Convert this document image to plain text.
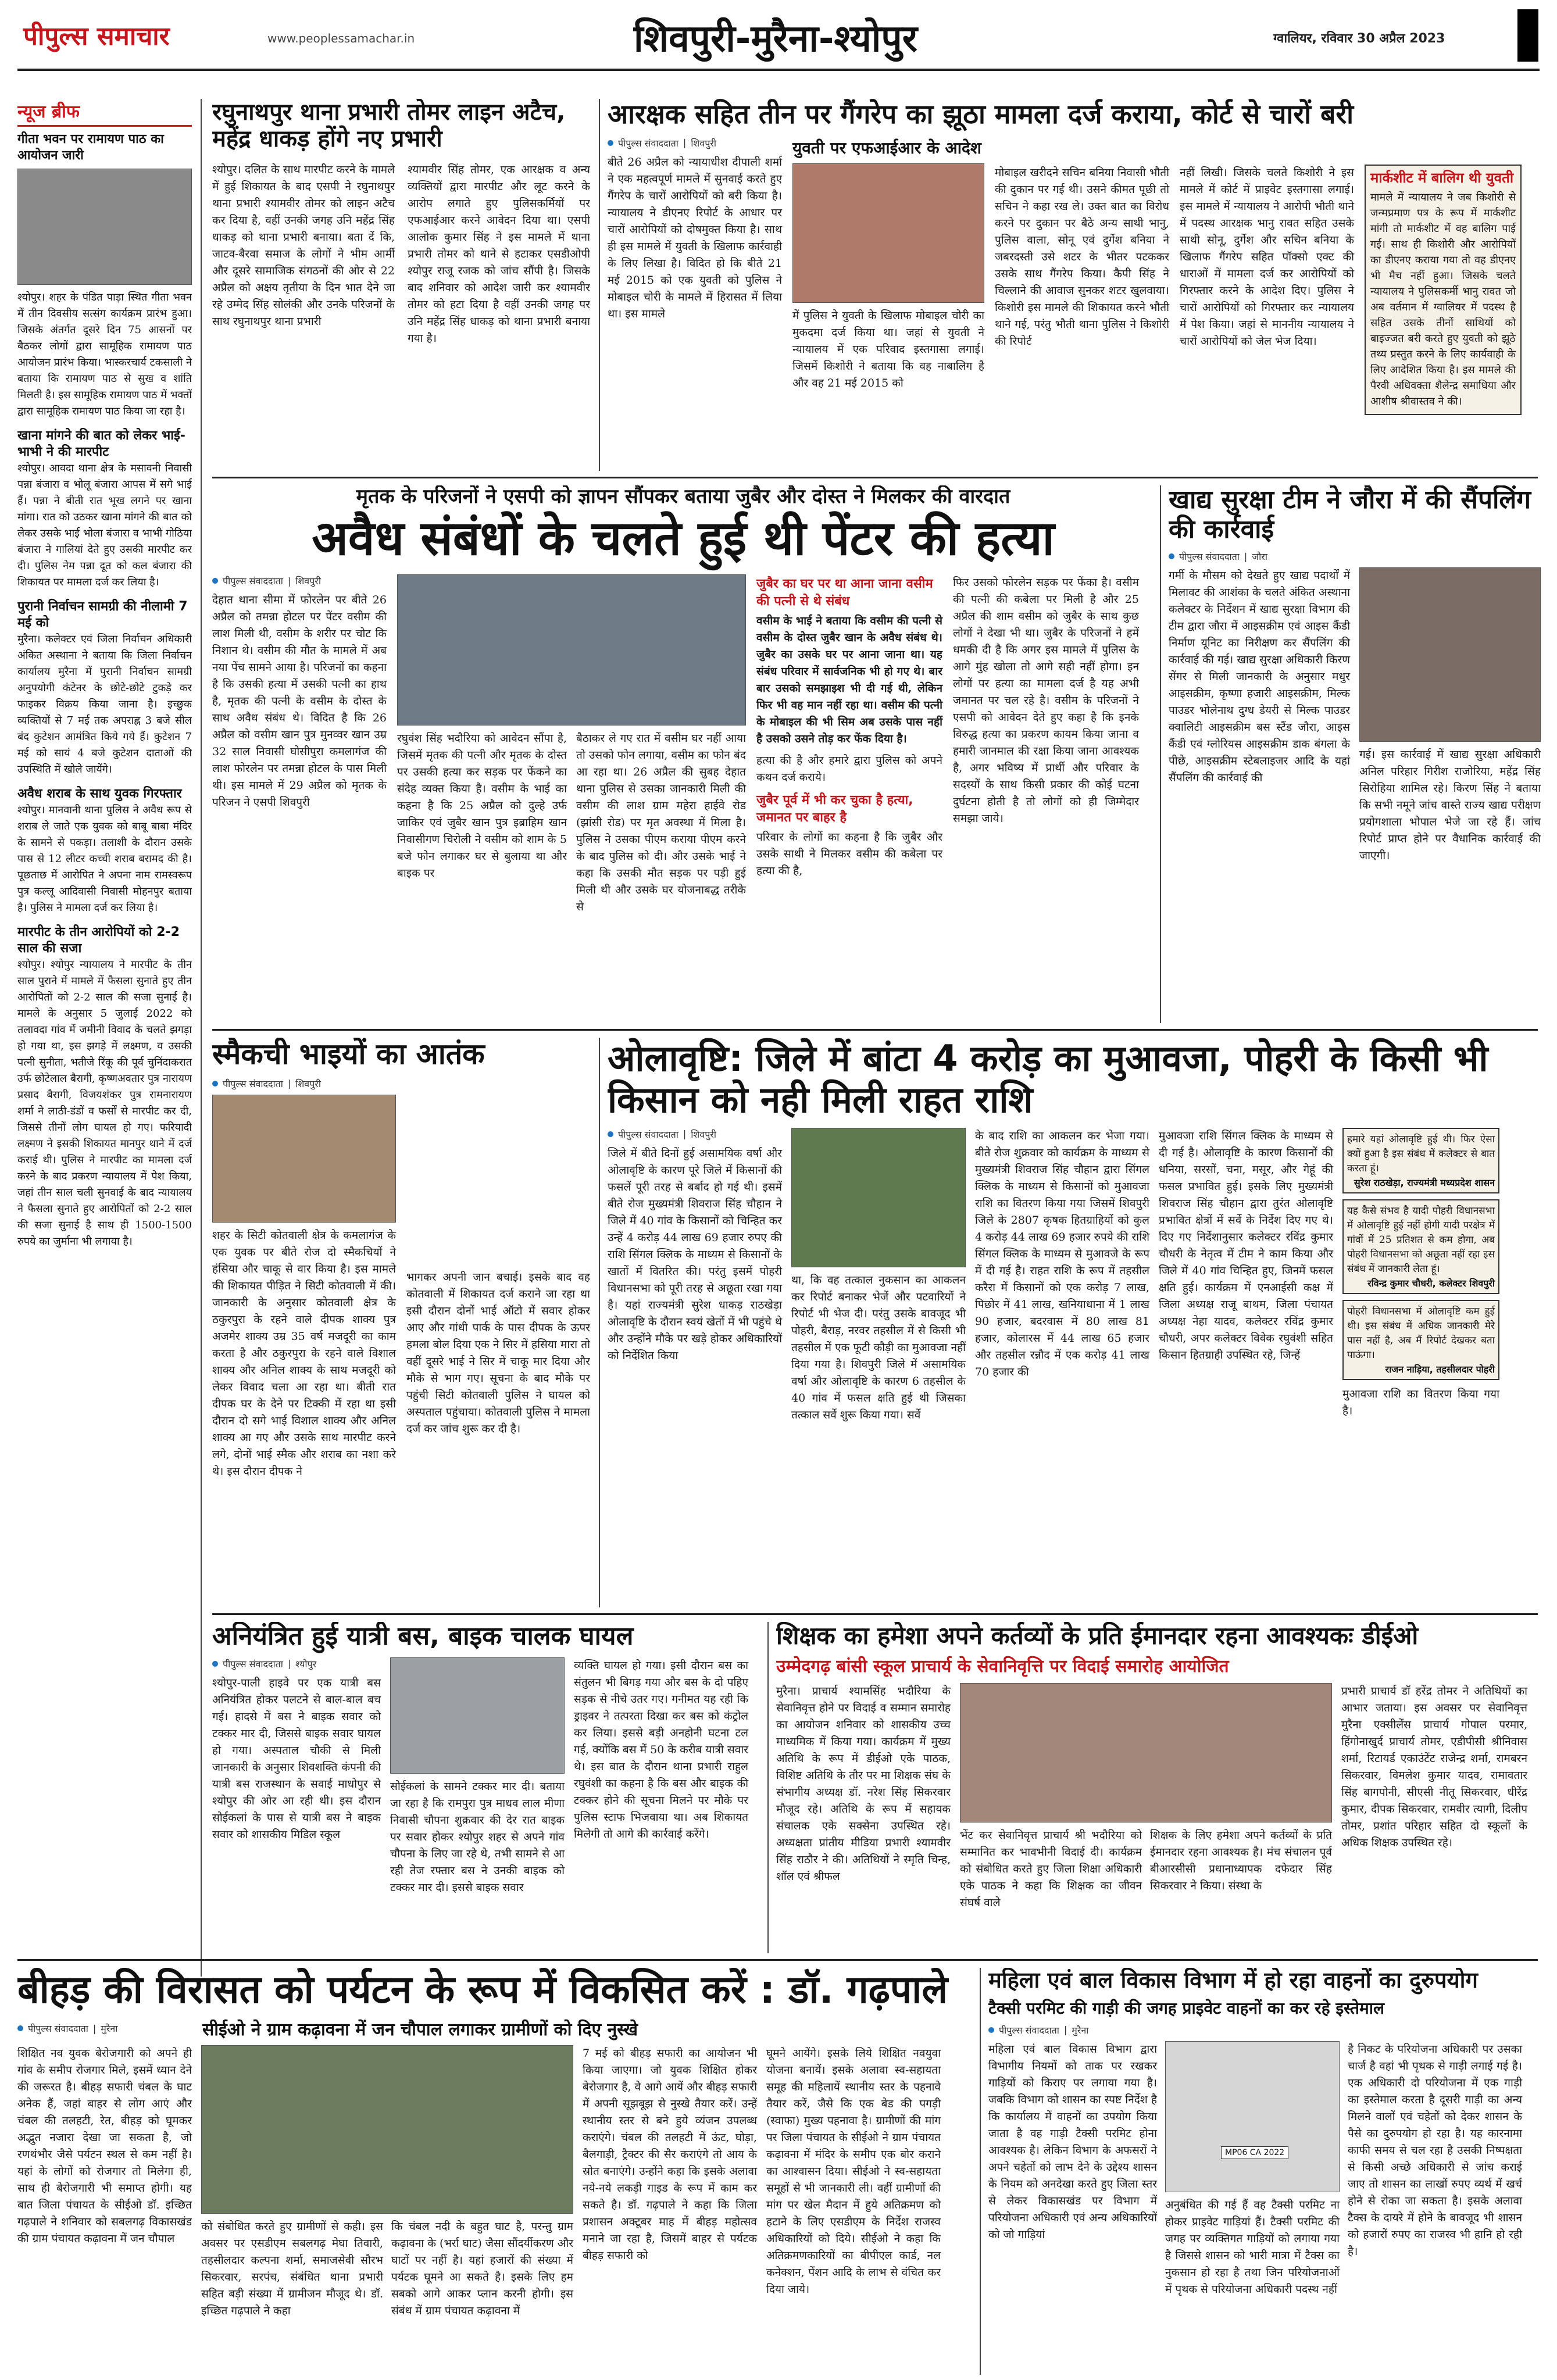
पीपुल्स समाचार	www.peoplessamachar.in	शिवपुरी-मुरैना-श्योपुर	ग्वालियर, रविवार 30 अप्रैल 2023
न्यूज ब्रीफ
गीता भवन पर रामायण पाठ का आयोजन जारी
श्योपुर। शहर के पंडित पाड़ा स्थित गीता भवन में तीन दिवसीय सत्संग कार्यक्रम प्रारंभ हुआ। जिसके अंतर्गत दूसरे दिन 75 आसनों पर बैठकर लोगों द्वारा सामूहिक रामायण पाठ आयोजन प्रारंभ किया। भास्करचार्य टकसाली ने बताया कि रामायण पाठ से सुख व शांति मिलती है। इस सामूहिक रामायण पाठ में भक्तों द्वारा सामूहिक रामायण पाठ किया जा रहा है।
खाना मांगने की बात को लेकर भाई-भाभी ने की मारपीट
श्योपुर। आवदा थाना क्षेत्र के मसावनी निवासी पन्ना बंजारा व भोलू बंजारा आपस में सगे भाई हैं। पन्ना ने बीती रात भूख लगने पर खाना मांगा। रात को उठकर खाना मांगने की बात को लेकर उसके भाई भोला बंजारा व भाभी गोठिया बंजारा ने गालियां देते हुए उसकी मारपीट कर दी। पुलिस नेम पन्ना दूत को कल बंजारा की शिकायत पर मामला दर्ज कर लिया है।
पुरानी निर्वाचन सामग्री की नीलामी 7 मई को
मुरैना। कलेक्टर एवं जिला निर्वाचन अधिकारी अंकित अस्थाना ने बताया कि जिला निर्वाचन कार्यालय मुरैना में पुरानी निर्वाचन सामग्री अनुपयोगी कंटेनर के छोटे-छोटे टुकड़े कर फाइकर विक्रय किया जाना है। इच्छुक व्यक्तियों से 7 मई तक अपराह्न 3 बजे सील बंद कुटेशन आमंत्रित किये गये हैं। कुटेशन 7 मई को सायं 4 बजे कुटेशन दाताओं की उपस्थिति में खोले जायेंगे।
अवैध शराब के साथ युवक गिरफ्तार
श्योपुर। मानवानी थाना पुलिस ने अवैध रूप से शराब ले जाते एक युवक को बाबू बाबा मंदिर के सामने से पकड़ा। तलाशी के दौरान उसके पास से 12 लीटर कच्ची शराब बरामद की है। पूछताछ में आरोपित ने अपना नाम रामस्वरूप पुत्र कल्लू आदिवासी निवासी मोहनपुर बताया है। पुलिस ने मामला दर्ज कर लिया है।
मारपीट के तीन आरोपियों को 2-2 साल की सजा
श्योपुर। श्योपुर न्यायालय ने मारपीट के तीन साल पुराने में मामले में फैसला सुनाते हुए तीन आरोपितों को 2-2 साल की सजा सुनाई है। मामले के अनुसार 5 जुलाई 2022 को तलावदा गांव में जमीनी विवाद के चलते झगड़ा हो गया था, इस झगड़े में लक्ष्मण, व उसकी पत्नी सुनीता, भतीजे रिंकू की पूर्व चुनिंदाकरात उर्फ छोटेलाल बैरागी, कृष्णअवतार पुत्र नारायण प्रसाद बैरागी, विजयशंकर पुत्र रामनारायण शर्मा ने लाठी-डंडों व फर्सों से मारपीट कर दी, जिससे तीनों लोग घायल हो गए। फरियादी लक्ष्मण ने इसकी शिकायत मानपुर थाने में दर्ज कराई थी। पुलिस ने मारपीट का मामला दर्ज करने के बाद प्रकरण न्यायालय में पेश किया, जहां तीन साल चली सुनवाई के बाद न्यायालय ने फैसला सुनाते हुए आरोपितों को 2-2 साल की सजा सुनाई है साथ ही 1500-1500 रुपये का जुर्माना भी लगाया है।
रघुनाथपुर थाना प्रभारी तोमर लाइन अटैच, महेंद्र धाकड़ होंगे नए प्रभारी
श्योपुर। दलित के साथ मारपीट करने के मामले में हुई शिकायत के बाद एसपी ने रघुनाथपुर थाना प्रभारी श्यामवीर तोमर को लाइन अटैच कर दिया है, वहीं उनकी जगह उनि महेंद्र सिंह धाकड़ को थाना प्रभारी बनाया। बता दें कि, जाटव-बैरवा समाज के लोगों ने भीम आर्मी और दूसरे सामाजिक संगठनों की ओर से 22 अप्रैल को अक्षय तृतीया के दिन भात देने जा रहे उम्मेद सिंह सोलंकी और उनके परिजनों के साथ रघुनाथपुर थाना प्रभारी
श्यामवीर सिंह तोमर, एक आरक्षक व अन्य व्यक्तियों द्वारा मारपीट और लूट करने के आरोप लगाते हुए पुलिसकर्मियों पर एफआईआर करने आवेदन दिया था। एसपी आलोक कुमार सिंह ने इस मामले में थाना प्रभारी तोमर को थाने से हटाकर एसडीओपी श्योपुर राजू रजक को जांच सौंपी है। जिसके बाद शनिवार को आदेश जारी कर श्यामवीर तोमर को हटा दिया है वहीं उनकी जगह पर उनि महेंद्र सिंह धाकड़ को थाना प्रभारी बनाया गया है।
आरक्षक सहित तीन पर गैंगरेप का झूठा मामला दर्ज कराया, कोर्ट से चारों बरी
पीपुल्स संवाददाता | शिवपुरी
बीते 26 अप्रैल को न्यायाधीश दीपाली शर्मा ने एक महत्वपूर्ण मामले में सुनवाई करते हुए गैंगरेप के चारों आरोपियों को बरी किया है। न्यायालय ने डीएनए रिपोर्ट के आधार पर चारों आरोपियों को दोषमुक्त किया है। साथ ही इस मामले में युवती के खिलाफ कार्रवाही के लिए लिखा है। विदित हो कि बीते 21 मई 2015 को एक युवती को पुलिस ने मोबाइल चोरी के मामले में हिरासत में लिया था। इस मामले
युवती पर एफआईआर के आदेश
में पुलिस ने युवती के खिलाफ मोबाइल चोरी का मुकदमा दर्ज किया था। जहां से युवती ने न्यायालय में एक परिवाद इस्तगासा लगाई। जिसमें किशोरी ने बताया कि वह नाबालिग है और वह 21 मई 2015 को
मोबाइल खरीदने सचिन बनिया निवासी भौती की दुकान पर गई थी। उसने कीमत पूछी तो सचिन ने कहा रख ले। उक्त बात का विरोध करने पर दुकान पर बैठे अन्य साथी भानु, पुलिस वाला, सोनू एवं दुर्गेश बनिया ने जबरदस्ती उसे शटर के भीतर पटककर उसके साथ गैंगरेप किया। कैपी सिंह ने चिल्लाने की आवाज सुनकर शटर खुलवाया। किशोरी इस मामले की शिकायत करने भौती थाने गई, परंतु भौती थाना पुलिस ने किशोरी की रिपोर्ट
नहीं लिखी। जिसके चलते किशोरी ने इस मामले में कोर्ट में प्राइवेट इस्तगासा लगाई। इस मामले में न्यायालय ने आरोपी भौती थाने में पदस्थ आरक्षक भानु रावत सहित उसके साथी सोनू, दुर्गेश और सचिन बनिया के खिलाफ गैंगरेप सहित पॉक्सो एक्ट की धाराओं में मामला दर्ज कर आरोपियों को गिरफ्तार करने के आदेश दिए। पुलिस ने चारों आरोपियों को गिरफ्तार कर न्यायालय में पेश किया। जहां से माननीय न्यायालय ने चारों आरोपियों को जेल भेज दिया।
मार्कशीट में बालिग थी युवती
मामले में न्यायालय ने जब किशोरी से जन्मप्रमाण पत्र के रूप में मार्कशीट मांगी तो मार्कशीट में वह बालिग पाई गई। साथ ही किशोरी और आरोपियों का डीएनए कराया गया तो वह डीएनए भी मैच नहीं हुआ। जिसके चलते न्यायालय ने पुलिसकर्मी भानु रावत जो अब वर्तमान में ग्वालियर में पदस्थ है सहित उसके तीनों साथियों को बाइज्जत बरी करते हुए युवती को झूठे तथ्य प्रस्तुत करने के लिए कार्यवाही के लिए आदेशित किया है। इस मामले की पैरवी अधिवक्ता शैलेन्द्र समाधिया और आशीष श्रीवास्तव ने की।
मृतक के परिजनों ने एसपी को ज्ञापन सौंपकर बताया जुबैर और दोस्त ने मिलकर की वारदात
अवैध संबंधों के चलते हुई थी पेंटर की हत्या
पीपुल्स संवाददाता | शिवपुरी
देहात थाना सीमा में फोरलेन पर बीते 26 अप्रैल को तमन्ना होटल पर पेंटर वसीम की लाश मिली थी, वसीम के शरीर पर चोट कि निशान थे। वसीम की मौत के मामले में अब नया पेंच सामने आया है। परिजनों का कहना है कि उसकी हत्या में उसकी पत्नी का हाथ है, मृतक की पत्नी के वसीम के दोस्त के साथ अवैध संबंध थे। विदित है कि 26 अप्रैल को वसीम खान पुत्र मुनव्वर खान उम्र 32 साल निवासी घोसीपुरा कमलागंज की लाश फोरलेन पर तमन्ना होटल के पास मिली थी। इस मामले में 29 अप्रैल को मृतक के परिजन ने एसपी शिवपुरी
रघुवंश सिंह भदौरिया को आवेदन सौंपा है, जिसमें मृतक की पत्नी और मृतक के दोस्त पर उसकी हत्या कर सड़क पर फेंकने का संदेह व्यक्त किया है। वसीम के भाई का कहना है कि 25 अप्रैल को दुल्हे उर्फ जाकिर एवं जुबैर खान पुत्र इब्राहिम खान निवासीगण चिरोली ने वसीम को शाम के 5 बजे फोन लगाकर घर से बुलाया था और बाइक पर
बैठाकर ले गए रात में वसीम घर नहीं आया तो उसको फोन लगाया, वसीम का फोन बंद आ रहा था। 26 अप्रैल की सुबह देहात थाना पुलिस से उसका जानकारी मिली की वसीम की लाश ग्राम महेरा हाईवे रोड (झांसी रोड) पर मृत अवस्था में मिला है। पुलिस ने उसका पीएम कराया पीएम करने के बाद पुलिस को दी। और उसके भाई ने कहा कि उसकी मौत सड़क पर पड़ी हुई मिली थी और उसके घर योजनाबद्ध तरीके से
जुबैर का घर पर था आना जाना वसीम की पत्नी से थे संबंध
वसीम के भाई ने बताया कि वसीम की पत्नी से वसीम के दोस्त जुबैर खान के अवैध संबंध थे। जुबैर का उसके घर पर आना जाना था। यह संबंध परिवार में सार्वजनिक भी हो गए थे। बार बार उसको समझाइश भी दी गई थी, लेकिन फिर भी वह मान नहीं रहा था। वसीम की पत्नी के मोबाइल की भी सिम अब उसके पास नहीं है उसको उसने तोड़ कर फेंक दिया है।
हत्या की है और हमारे द्वारा पुलिस को अपने कथन दर्ज कराये।
जुबैर पूर्व में भी कर चुका है हत्या, जमानत पर बाहर है
परिवार के लोगों का कहना है कि जुबैर और उसके साथी ने मिलकर वसीम की कबेला पर हत्या की है,
फिर उसको फोरलेन सड़क पर फेंका है। वसीम की पत्नी की कबेला पर मिली है और 25 अप्रैल की शाम वसीम को जुबैर के साथ कुछ लोगों ने देखा भी था। जुबैर के परिजनों ने हमें धमकी दी है कि अगर इस मामले में पुलिस के आगे मुंह खोला तो आगे सही नहीं होगा। इन लोगों पर हत्या का मामला दर्ज है यह अभी जमानत पर चल रहे है। वसीम के परिजनों ने एसपी को आवेदन देते हुए कहा है कि इनके विरुद्ध हत्या का प्रकरण कायम किया जाना व हमारी जानमाल की रक्षा किया जाना आवश्यक है, अगर भविष्य में प्रार्थी और परिवार के सदस्यों के साथ किसी प्रकार की कोई घटना दुर्घटना होती है तो लोगों को ही जिम्मेदार समझा जाये।
खाद्य सुरक्षा टीम ने जौरा में की सैंपलिंग की कार्रवाई
पीपुल्स संवाददाता | जौरा
गर्मी के मौसम को देखते हुए खाद्य पदार्थों में मिलावट की आशंका के चलते अंकित अस्थाना कलेक्टर के निर्देशन में खाद्य सुरक्षा विभाग की टीम द्वारा जौरा में आइसक्रीम एवं आइस कैंडी निर्माण यूनिट का निरीक्षण कर सैंपलिंग की कार्रवाई की गई। खाद्य सुरक्षा अधिकारी किरण सेंगर से मिली जानकारी के अनुसार मधुर आइसक्रीम, कृष्णा हजारी आइसक्रीम, मिल्क पाउडर भोलेनाथ दुग्ध डेयरी से मिल्क पाउडर क्वालिटी आइसक्रीम बस स्टैंड जौरा, आइस कैंडी एवं ग्लोरियस आइसक्रीम डाक बंगला के पीछे, आइसक्रीम स्टेबलाइजर आदि के यहां सैंपलिंग की कार्रवाई की
गई। इस कार्रवाई में खाद्य सुरक्षा अधिकारी अनिल परिहार गिरीश राजोरिया, महेंद्र सिंह सिरोहिया शामिल रहे। किरण सिंह ने बताया कि सभी नमूने जांच वास्ते राज्य खाद्य परीक्षण प्रयोगशाला भोपाल भेजे जा रहे हैं। जांच रिपोर्ट प्राप्त होने पर वैधानिक कार्रवाई की जाएगी।
स्मैकची भाइयों का आतंक
पीपुल्स संवाददाता | शिवपुरी
शहर के सिटी कोतवाली क्षेत्र के कमलागंज के एक युवक पर बीते रोज दो स्मैकचियों ने हंसिया और चाकू से वार किया है। इस मामले की शिकायत पीड़ित ने सिटी कोतवाली में की। जानकारी के अनुसार कोतवाली क्षेत्र के ठकुरपुरा के रहने वाले दीपक शाक्य पुत्र अजमेर शाक्य उम्र 35 वर्ष मजदूरी का काम करता है और ठकुरपुरा के रहने वाले विशाल शाक्य और अनिल शाक्य के साथ मजदूरी को लेकर विवाद चला आ रहा था। बीती रात दीपक घर के देने पर टिक्की में रहा था इसी दौरान दो सगे भाई विशाल शाक्य और अनिल शाक्य आ गए और उसके साथ मारपीट करने लगे, दोनों भाई स्मैक और शराब का नशा करे थे। इस दौरान दीपक ने
भागकर अपनी जान बचाई। इसके बाद वह कोतवाली में शिकायत दर्ज कराने जा रहा था इसी दौरान दोनों भाई ऑटो में सवार होकर आए और गांधी पार्क के पास दीपक के ऊपर हमला बोल दिया एक ने सिर में हसिया मारा तो वहीं दूसरे भाई ने सिर में चाकू मार दिया और मौके से भाग गए। सूचना के बाद मौके पर पहुंची सिटी कोतवाली पुलिस ने घायल को अस्पताल पहुंचाया। कोतवाली पुलिस ने मामला दर्ज कर जांच शुरू कर दी है।
ओलावृष्टि: जिले में बांटा 4 करोड़ का मुआवजा, पोहरी के किसी भी किसान को नही मिली राहत राशि
पीपुल्स संवाददाता | शिवपुरी
जिले में बीते दिनों हुई असामयिक वर्षा और ओलावृष्टि के कारण पूरे जिले में किसानों की फसलें पूरी तरह से बर्बाद हो गई थी। इसमें बीते रोज मुख्यमंत्री शिवराज सिंह चौहान ने जिले में 40 गांव के किसानों को चिन्हित कर उन्हें 4 करोड़ 44 लाख 69 हजार रुपए की राशि सिंगल क्लिक के माध्यम से किसानों के खातों में वितरित की। परंतु इसमें पोहरी विधानसभा को पूरी तरह से अछूता रखा गया है। यहां राज्यमंत्री सुरेश धाकड़ राठखेड़ा ओलावृष्टि के दौरान स्वयं खेतों में भी पहुंचे थे और उन्होंने मौके पर खड़े होकर अधिकारियों को निर्देशित किया
था, कि वह तत्काल नुकसान का आकलन कर रिपोर्ट बनाकर भेजें और पटवारियों ने रिपोर्ट भी भेज दी। परंतु उसके बावजूद भी पोहरी, बैराड़, नरवर तहसील में से किसी भी तहसील में एक फूटी कौड़ी का मुआवजा नहीं दिया गया है। शिवपुरी जिले में असामयिक वर्षा और ओलावृष्टि के कारण 6 तहसील के 40 गांव में फसल क्षति हुई थी जिसका तत्काल सर्वे शुरू किया गया। सर्वे
के बाद राशि का आकलन कर भेजा गया। बीते रोज शुक्रवार को कार्यक्रम के माध्यम से मुख्यमंत्री शिवराज सिंह चौहान द्वारा सिंगल क्लिक के माध्यम से किसानों को मुआवजा राशि का वितरण किया गया जिसमें शिवपुरी जिले के 2807 कृषक हितग्राहियों को कुल 4 करोड़ 44 लाख 69 हजार रुपये की राशि सिंगल क्लिक के माध्यम से मुआवजे के रूप में दी गई है। राहत राशि के रूप में तहसील करैरा में किसानों को एक करोड़ 7 लाख, पिछोर में 41 लाख, खनियाधाना में 1 लाख 90 हजार, बदरवास में 80 लाख 81 हजार, कोलारस में 44 लाख 65 हजार और तहसील रन्नौद में एक करोड़ 41 लाख 70 हजार की
मुआवजा राशि सिंगल क्लिक के माध्यम से दी गई है। ओलावृष्टि के कारण किसानों की धनिया, सरसों, चना, मसूर, और गेहूं की फसल प्रभावित हुई। इसके लिए मुख्यमंत्री शिवराज सिंह चौहान द्वारा तुरंत ओलावृष्टि प्रभावित क्षेत्रों में सर्वे के निर्देश दिए गए थे। दिए गए निर्देशानुसार कलेक्टर रविंद्र कुमार चौधरी के नेतृत्व में टीम ने काम किया और जिले में 40 गांव चिन्हित हुए, जिनमें फसल क्षति हुई। कार्यक्रम में एनआईसी कक्ष में जिला अध्यक्ष राजू बाथम, जिला पंचायत अध्यक्ष नेहा यादव, कलेक्टर रविंद्र कुमार चौधरी, अपर कलेक्टर विवेक रघुवंशी सहित किसान हितग्राही उपस्थित रहे, जिन्हें
हमारे यहां ओलावृष्टि हुई थी। फिर ऐसा क्यों हुआ है इस संबंध में कलेक्टर से बात करता हूं।
सुरेश राठखेड़ा, राज्यमंत्री मध्यप्रदेश शासन
यह कैसे संभव है यादी पोहरी विधानसभा में ओलावृष्टि हुई नहीं होगी यादी परक्षेत्र में गांवों में 25 प्रतिशत से कम होगा, अब पोहरी विधानसभा को अछूता नहीं रहा इस संबंध में जानकारी लेता हूं।
रविन्द्र कुमार चौधरी, कलेक्टर शिवपुरी
पोहरी विधानसभा में ओलावृष्टि कम हुई थी। इस संबंध में अधिक जानकारी मेरे पास नहीं है, अब मैं रिपोर्ट देखकर बता पाऊंगा।
राजन नाड़िया, तहसीलदार पोहरी
मुआवजा राशि का वितरण किया गया है।
अनियंत्रित हुई यात्री बस, बाइक चालक घायल
पीपुल्स संवाददाता | श्योपुर
श्योपुर-पाली हाइवे पर एक यात्री बस अनियंत्रित होकर पलटने से बाल-बाल बच गई। हादसे में बस ने बाइक सवार को टक्कर मार दी, जिससे बाइक सवार घायल हो गया। अस्पताल चौकी से मिली जानकारी के अनुसार शिवशक्ति कंपनी की यात्री बस राजस्थान के सवाई माधोपुर से श्योपुर की ओर आ रही थी। इस दौरान सोईकलां के पास से यात्री बस ने बाइक सवार को शासकीय मिडिल स्कूल
सोईकलां के सामने टक्कर मार दी। बताया जा रहा है कि रामपुरा पुत्र माधव लाल मीणा निवासी चौपना शुक्रवार की देर रात बाइक पर सवार होकर श्योपुर शहर से अपने गांव चौपना के लिए जा रहे थे, तभी सामने से आ रही तेज रफ्तार बस ने उनकी बाइक को टक्कर मार दी। इससे बाइक सवार
व्यक्ति घायल हो गया। इसी दौरान बस का संतुलन भी बिगड़ गया और बस के दो पहिए सड़क से नीचे उतर गए। गनीमत यह रही कि ड्राइवर ने तत्परता दिखा कर बस को कंट्रोल कर लिया। इससे बड़ी अनहोनी घटना टल गई, क्योंकि बस में 50 के करीब यात्री सवार थे। इस बात के दौरान थाना प्रभारी राहुल रघुवंशी का कहना है कि बस और बाइक की टक्कर होने की सूचना मिलने पर मौके पर पुलिस स्टाफ भिजवाया था। अब शिकायत मिलेगी तो आगे की कार्रवाई करेंगे।
शिक्षक का हमेशा अपने कर्तव्यों के प्रति ईमानदार रहना आवश्यकः डीईओ
उम्मेदगढ़ बांसी स्कूल प्राचार्य के सेवानिवृत्ति पर विदाई समारोह आयोजित
मुरैना। प्राचार्य श्यामसिंह भदौरिया के सेवानिवृत्त होने पर विदाई व सम्मान समारोह का आयोजन शनिवार को शासकीय उच्च माध्यमिक में किया गया। कार्यक्रम में मुख्य अतिथि के रूप में डीईओ एके पाठक, विशिष्ट अतिथि के तौर पर मा शिक्षक संघ के संभागीय अध्यक्ष डॉ. नरेश सिंह सिकरवार मौजूद रहे। अतिथि के रूप में सहायक संचालक एके सक्सेना उपस्थित रहे। अध्यक्षता प्रांतीय मीडिया प्रभारी श्यामवीर सिंह राठौर ने की। अतिथियों ने स्मृति चिन्ह, शॉल एवं श्रीफल
भेंट कर सेवानिवृत्त प्राचार्य श्री भदौरिया को सम्मानित कर भावभीनी विदाई दी। कार्यक्रम को संबोधित करते हुए जिला शिक्षा अधिकारी एके पाठक ने कहा कि शिक्षक का जीवन संघर्ष वाले
शिक्षक के लिए हमेशा अपने कर्तव्यों के प्रति ईमानदार रहना आवश्यक है। मंच संचालन पूर्व बीआरसीसी प्रधानाध्यापक दफेदार सिंह सिकरवार ने किया। संस्था के
प्रभारी प्राचार्य डॉ हरेंद्र तोमर ने अतिथियों का आभार जताया। इस अवसर पर सेवानिवृत्त मुरैना एक्सीलेंस प्राचार्य गोपाल परमार, हिंगोनाखुर्द प्राचार्य तोमर, एडीपीसी श्रीनिवास शर्मा, रिटायर्ड एकाउंटेंट राजेन्द्र शर्मा, रामबरन सिकरवार, विमलेश कुमार यादव, रामावतार सिंह बागपोनी, सीएसी नीतू सिकरवार, धीरेंद्र कुमार, दीपक सिकरवार, रामवीर त्यागी, दिलीप तोमर, प्रशांत परिहार सहित दो स्कूलों के अधिक शिक्षक उपस्थित रहे।
बीहड़ की विरासत को पर्यटन के रूप में विकसित करें : डॉ. गढ़पाले
पीपुल्स संवाददाता | मुरैना	सीईओ ने ग्राम कढ़ावना में जन चौपाल लगाकर ग्रामीणों को दिए नुस्खे
शिक्षित नव युवक बेरोजगारी को अपने ही गांव के समीप रोजगार मिले, इसमें ध्यान देने की जरूरत है। बीहड़ सफारी चंबल के घाट अनेक हैं, जहां बाहर से लोग आएं और चंबल की तलहटी, रेत, बीहड़ को घूमकर अद्भुत नजारा देखा जा सकता है, जो रणथंभौर जैसे पर्यटन स्थल से कम नहीं है। यहां के लोगों को रोजगार तो मिलेगा ही, साथ ही बेरोजगारी भी समाप्त होगी। यह बात जिला पंचायत के सीईओ डॉ. इच्छित गढ़पाले ने शनिवार को सबलगढ़ विकासखंड की ग्राम पंचायत कढ़ावना में जन चौपाल
को संबोधित करते हुए ग्रामीणों से कही। इस अवसर पर एसडीएम सबलगढ़ मेघा तिवारी, तहसीलदार कल्पना शर्मा, समाजसेवी सौरभ सिकरवार, सरपंच, संबंधित थाना प्रभारी सहित बड़ी संख्या में ग्रामीजन मौजूद थे। डॉ. इच्छित गढ़पाले ने कहा
कि चंबल नदी के बहुत घाट है, परन्तु ग्राम कढ़ावना के (भर्रा घाट) जैसा सौंदर्यीकरण और घाटों पर नहीं है। यहां हजारों की संख्या में पर्यटक घूमने आ सकते है। इसके लिए हम सबको आगे आकर प्लान करनी होगी। इस संबंध में ग्राम पंचायत कढ़ावना में
7 मई को बीहड़ सफारी का आयोजन भी किया जाएगा। जो युवक शिक्षित होकर बेरोजगार है, वे आगे आयें और बीहड़ सफारी में अपनी सूझबूझ से नुस्खे तैयार करें। उन्हें स्थानीय स्तर से बने हुये व्यंजन उपलब्ध कराएंगे। चंबल की तलहटी में ऊंट, घोड़ा, बैलगाड़ी, ट्रैक्टर की सैर कराएंगे तो आय के स्रोत बनाएंगे। उन्होंने कहा कि इसके अलावा नये-नये लकड़ी गाइड के रूप में काम कर सकते है। डॉ. गढ़पाले ने कहा कि जिला प्रशासन अक्टूबर माह में बीहड़ महोत्सव मनाने जा रहा है, जिसमें बाहर से पर्यटक बीहड़ सफारी को
घूमने आयेंगे। इसके लिये शिक्षित नवयुवा योजना बनायें। इसके अलावा स्व-सहायता समूह की महिलायें स्थानीय स्तर के पहनावे तैयार करें, जैसे कि एक बेड की पगड़ी (स्वाफा) मुख्य पहनावा है। ग्रामीणों की मांग पर जिला पंचायत के सीईओ ने ग्राम पंचायत कढ़ावना में मंदिर के समीप एक बोर कराने का आश्वासन दिया। सीईओ ने स्व-सहायता समूहों से भी जानकारी ली। वहीं ग्रामीणों की मांग पर खेल मैदान में हुये अतिक्रमण को हटाने के लिए एसडीएम के निर्देश राजस्व अधिकारियों को दिये। सीईओ ने कहा कि अतिक्रमणकारियों का बीपीएल कार्ड, नल कनेक्शन, पेंशन आदि के लाभ से वंचित कर दिया जाये।
महिला एवं बाल विकास विभाग में हो रहा वाहनों का दुरुपयोग
टैक्सी परमिट की गाड़ी की जगह प्राइवेट वाहनों का कर रहे इस्तेमाल
पीपुल्स संवाददाता | मुरैना
महिला एवं बाल विकास विभाग द्वारा विभागीय नियमों को ताक पर रखकर गाड़ियों को किराए पर लगाया गया है। जबकि विभाग को शासन का स्पष्ट निर्देश है कि कार्यालय में वाहनों का उपयोग किया जाता है वह गाड़ी टैक्सी परमिट होना आवश्यक है। लेकिन विभाग के अफसरों ने अपने चहेतों को लाभ देने के उद्देश्य शासन के नियम को अनदेखा करते हुए जिला स्तर से लेकर विकासखंड पर विभाग में परियोजना अधिकारी एवं अन्य अधिकारियों को जो गाड़ियां
MP06 CA 2022
अनुबंधित की गई हैं वह टैक्सी परमिट ना होकर प्राइवेट गाड़ियां हैं। टैक्सी परमिट की जगह पर व्यक्तिगत गाड़ियों को लगाया गया है जिससे शासन को भारी मात्रा में टैक्स का नुकसान हो रहा है तथा जिन परियोजनाओं में पृथक से परियोजना अधिकारी पदस्थ नहीं
है निकट के परियोजना अधिकारी पर उसका चार्ज है वहां भी पृथक से गाड़ी लगाई गई है। एक अधिकारी दो परियोजना में एक गाड़ी का इस्तेमाल करता है दूसरी गाड़ी का अन्य मिलने वालों एवं चहेतों को देकर शासन के पैसे का दुरुपयोग हो रहा है। यह कारनामा काफी समय से चल रहा है उसकी निष्पक्षता से किसी अच्छे अधिकारी से जांच कराई जाए तो शासन का लाखों रुपए व्यर्थ में खर्च होने से रोका जा सकता है। इसके अलावा टैक्स के दायरे में होने के बावजूद भी शासन को हजारों रुपए का राजस्व भी हानि हो रही है।
